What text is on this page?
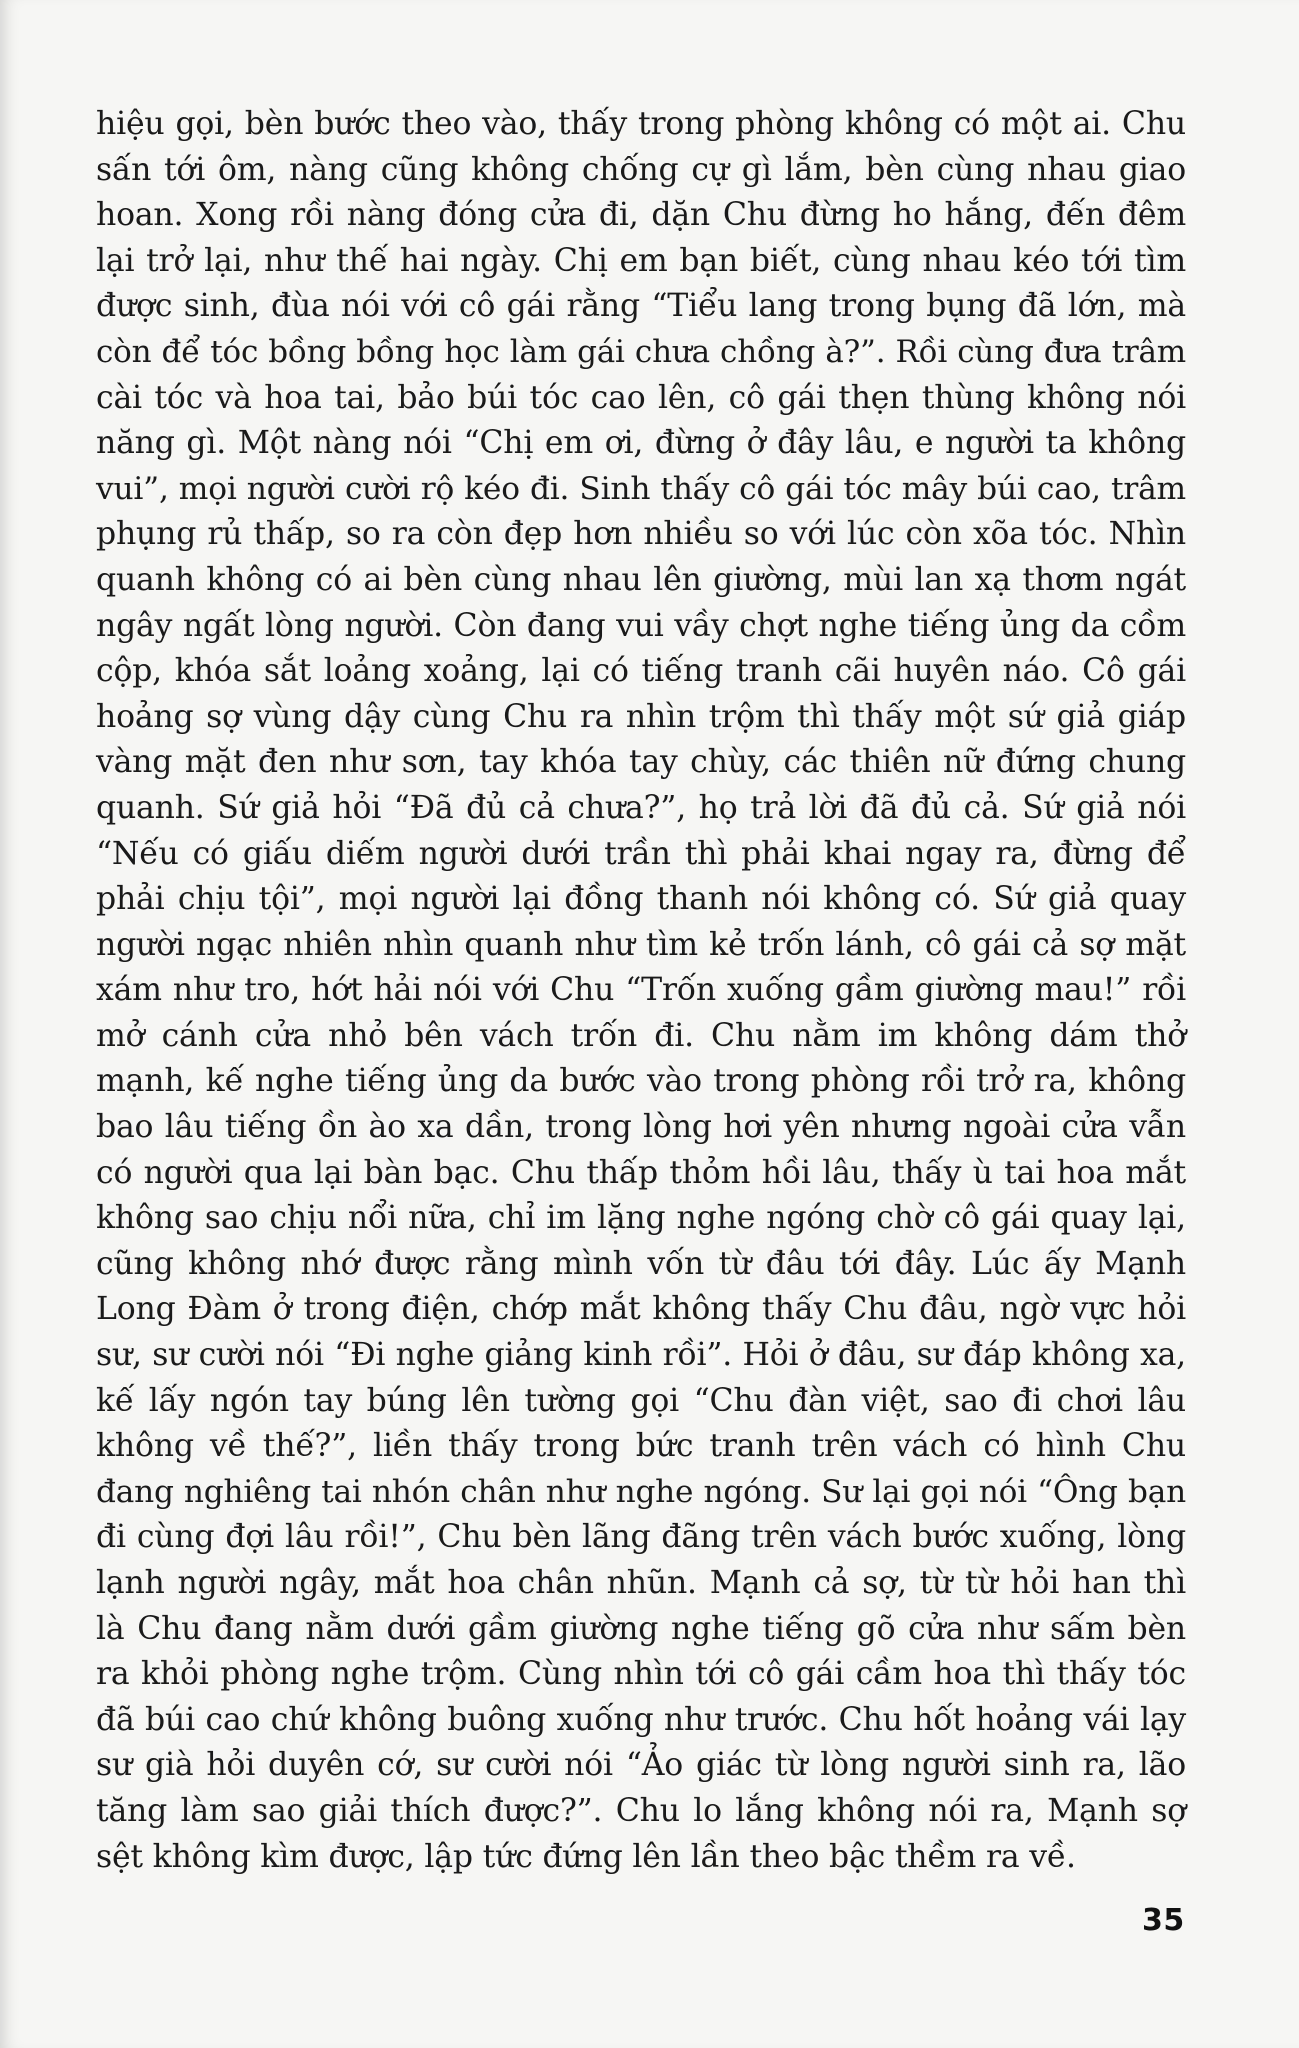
hiệu gọi, bèn bước theo vào, thấy trong phòng không có một ai. Chu
sấn tới ôm, nàng cũng không chống cự gì lắm, bèn cùng nhau giao
hoan. Xong rồi nàng đóng cửa đi, dặn Chu đừng ho hắng, đến đêm
lại trở lại, như thế hai ngày. Chị em bạn biết, cùng nhau kéo tới tìm
được sinh, đùa nói với cô gái rằng “Tiểu lang trong bụng đã lớn, mà
còn để tóc bồng bồng học làm gái chưa chồng à?”. Rồi cùng đưa trâm
cài tóc và hoa tai, bảo búi tóc cao lên, cô gái thẹn thùng không nói
năng gì. Một nàng nói “Chị em ơi, đừng ở đây lâu, e người ta không
vui”, mọi người cười rộ kéo đi. Sinh thấy cô gái tóc mây búi cao, trâm
phụng rủ thấp, so ra còn đẹp hơn nhiều so với lúc còn xõa tóc. Nhìn
quanh không có ai bèn cùng nhau lên giường, mùi lan xạ thơm ngát
ngây ngất lòng người. Còn đang vui vầy chợt nghe tiếng ủng da cồm
cộp, khóa sắt loảng xoảng, lại có tiếng tranh cãi huyên náo. Cô gái
hoảng sợ vùng dậy cùng Chu ra nhìn trộm thì thấy một sứ giả giáp
vàng mặt đen như sơn, tay khóa tay chùy, các thiên nữ đứng chung
quanh. Sứ giả hỏi “Đã đủ cả chưa?”, họ trả lời đã đủ cả. Sứ giả nói
“Nếu có giấu diếm người dưới trần thì phải khai ngay ra, đừng để
phải chịu tội”, mọi người lại đồng thanh nói không có. Sứ giả quay
người ngạc nhiên nhìn quanh như tìm kẻ trốn lánh, cô gái cả sợ mặt
xám như tro, hớt hải nói với Chu “Trốn xuống gầm giường mau!” rồi
mở cánh cửa nhỏ bên vách trốn đi. Chu nằm im không dám thở
mạnh, kế nghe tiếng ủng da bước vào trong phòng rồi trở ra, không
bao lâu tiếng ồn ào xa dần, trong lòng hơi yên nhưng ngoài cửa vẫn
có người qua lại bàn bạc. Chu thấp thỏm hồi lâu, thấy ù tai hoa mắt
không sao chịu nổi nữa, chỉ im lặng nghe ngóng chờ cô gái quay lại,
cũng không nhớ được rằng mình vốn từ đâu tới đây. Lúc ấy Mạnh
Long Đàm ở trong điện, chớp mắt không thấy Chu đâu, ngờ vực hỏi
sư, sư cười nói “Đi nghe giảng kinh rồi”. Hỏi ở đâu, sư đáp không xa,
kế lấy ngón tay búng lên tường gọi “Chu đàn việt, sao đi chơi lâu
không về thế?”, liền thấy trong bức tranh trên vách có hình Chu
đang nghiêng tai nhón chân như nghe ngóng. Sư lại gọi nói “Ông bạn
đi cùng đợi lâu rồi!”, Chu bèn lãng đãng trên vách bước xuống, lòng
lạnh người ngây, mắt hoa chân nhũn. Mạnh cả sợ, từ từ hỏi han thì
là Chu đang nằm dưới gầm giường nghe tiếng gõ cửa như sấm bèn
ra khỏi phòng nghe trộm. Cùng nhìn tới cô gái cầm hoa thì thấy tóc
đã búi cao chứ không buông xuống như trước. Chu hốt hoảng vái lạy
sư già hỏi duyên cớ, sư cười nói “Ảo giác từ lòng người sinh ra, lão
tăng làm sao giải thích được?”. Chu lo lắng không nói ra, Mạnh sợ
sệt không kìm được, lập tức đứng lên lần theo bậc thềm ra về.
35
